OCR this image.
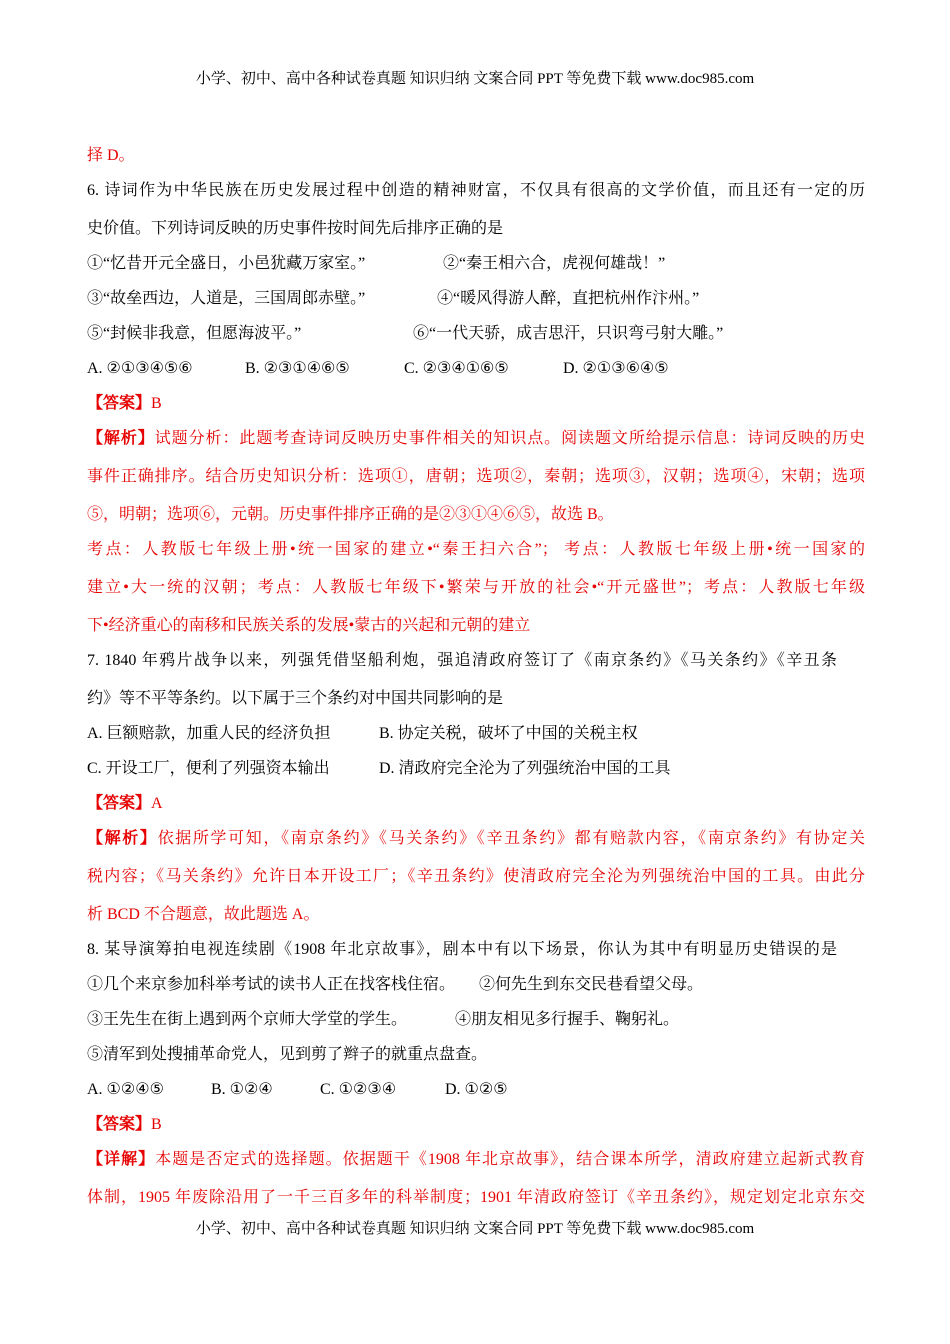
小学、初中、高中各种试卷真题 知识归纳 文案合同 PPT 等免费下载 www.doc985.com
择 D。
6. 诗词作为中华民族在历史发展过程中创造的精神财富，不仅具有很高的文学价值，而且还有一定的历
史价值。下列诗词反映的历史事件按时间先后排序正确的是
①“忆昔开元全盛日，小邑犹藏万家室。”	②“秦王相六合，虎视何雄哉！”
③“故垒西边，人道是，三国周郎赤壁。”	④“暖风得游人醉，直把杭州作汴州。”
⑤“封候非我意，但愿海波平。”	⑥“一代天骄，成吉思汗，只识弯弓射大雕。”
A. ②①③④⑤⑥	B. ②③①④⑥⑤	C. ②③④①⑥⑤	D. ②①③⑥④⑤
【答案】B
【解析】试题分析：此题考查诗词反映历史事件相关的知识点。阅读题文所给提示信息：诗词反映的历史
事件正确排序。结合历史知识分析：选项①，唐朝；选项②，秦朝；选项③，汉朝；选项④，宋朝；选项
⑤，明朝；选项⑥，元朝。历史事件排序正确的是②③①④⑥⑤，故选 B。
考点：人教版七年级上册•统一国家的建立•“秦王扫六合”； 考点：人教版七年级上册•统一国家的
建立•大一统的汉朝；考点：人教版七年级下•繁荣与开放的社会•“开元盛世”；考点：人教版七年级
下•经济重心的南移和民族关系的发展•蒙古的兴起和元朝的建立
7. 1840 年鸦片战争以来，列强凭借坚船利炮，强追清政府签订了《南京条约》《马关条约》《辛丑条
约》等不平等条约。以下属于三个条约对中国共同影响的是
A. 巨额赔款，加重人民的经济负担	B. 协定关税，破坏了中国的关税主权
C. 开设工厂，便利了列强资本输出	D. 清政府完全沦为了列强统治中国的工具
【答案】A
【解析】依据所学可知，《南京条约》《马关条约》《辛丑条约》都有赔款内容，《南京条约》有协定关
税内容；《马关条约》允许日本开设工厂；《辛丑条约》使清政府完全沦为列强统治中国的工具。由此分
析 BCD 不合题意，故此题选 A。
8. 某导演筹拍电视连续剧《1908 年北京故事》，剧本中有以下场景，你认为其中有明显历史错误的是
①几个来京参加科举考试的读书人正在找客栈住宿。 ②何先生到东交民巷看望父母。
③王先生在街上遇到两个京师大学堂的学生。	④朋友相见多行握手、鞠躬礼。
⑤清军到处搜捕革命党人，见到剪了辫子的就重点盘查。
A. ①②④⑤	B. ①②④	C. ①②③④	D. ①②⑤
【答案】B
【详解】本题是否定式的选择题。依据题干《1908 年北京故事》，结合课本所学，清政府建立起新式教育
体制，1905 年废除沿用了一千三百多年的科举制度；1901 年清政府签订《辛丑条约》，规定划定北京东交
小学、初中、高中各种试卷真题 知识归纳 文案合同 PPT 等免费下载 www.doc985.com
